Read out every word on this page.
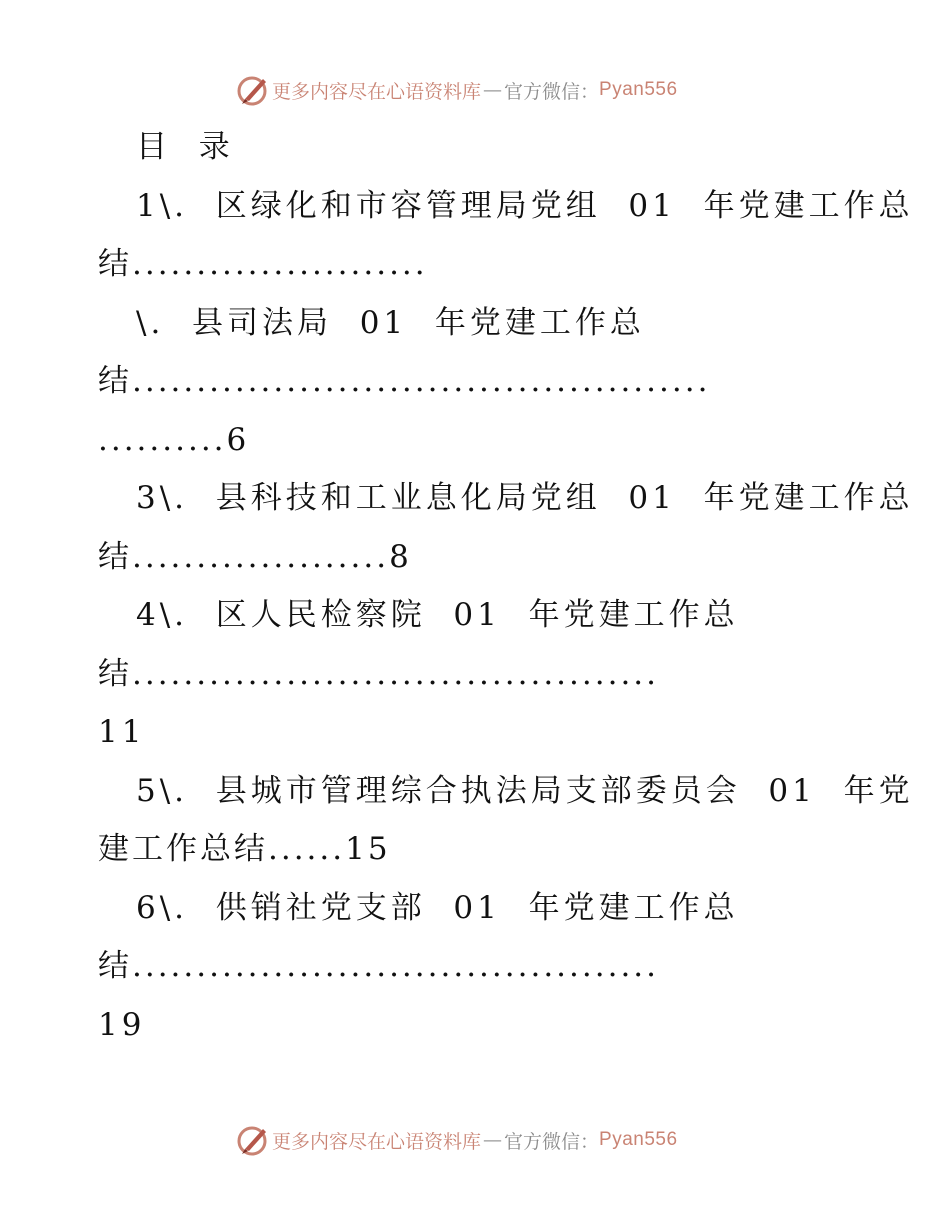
更多内容尽在心语资料库 — 官方微信： Pyan556
目  录
1\.  区绿化和市容管理局党组  01  年党建工作总
结.......................
\.  县司法局  01  年党建工作总
结.............................................
..........6
3\.  县科技和工业息化局党组  01  年党建工作总
结....................8
4\.  区人民检察院  01  年党建工作总
结.........................................
11
5\.  县城市管理综合执法局支部委员会  01  年党
建工作总结......15
6\.  供销社党支部  01  年党建工作总
结.........................................
19
更多内容尽在心语资料库 — 官方微信： Pyan556
